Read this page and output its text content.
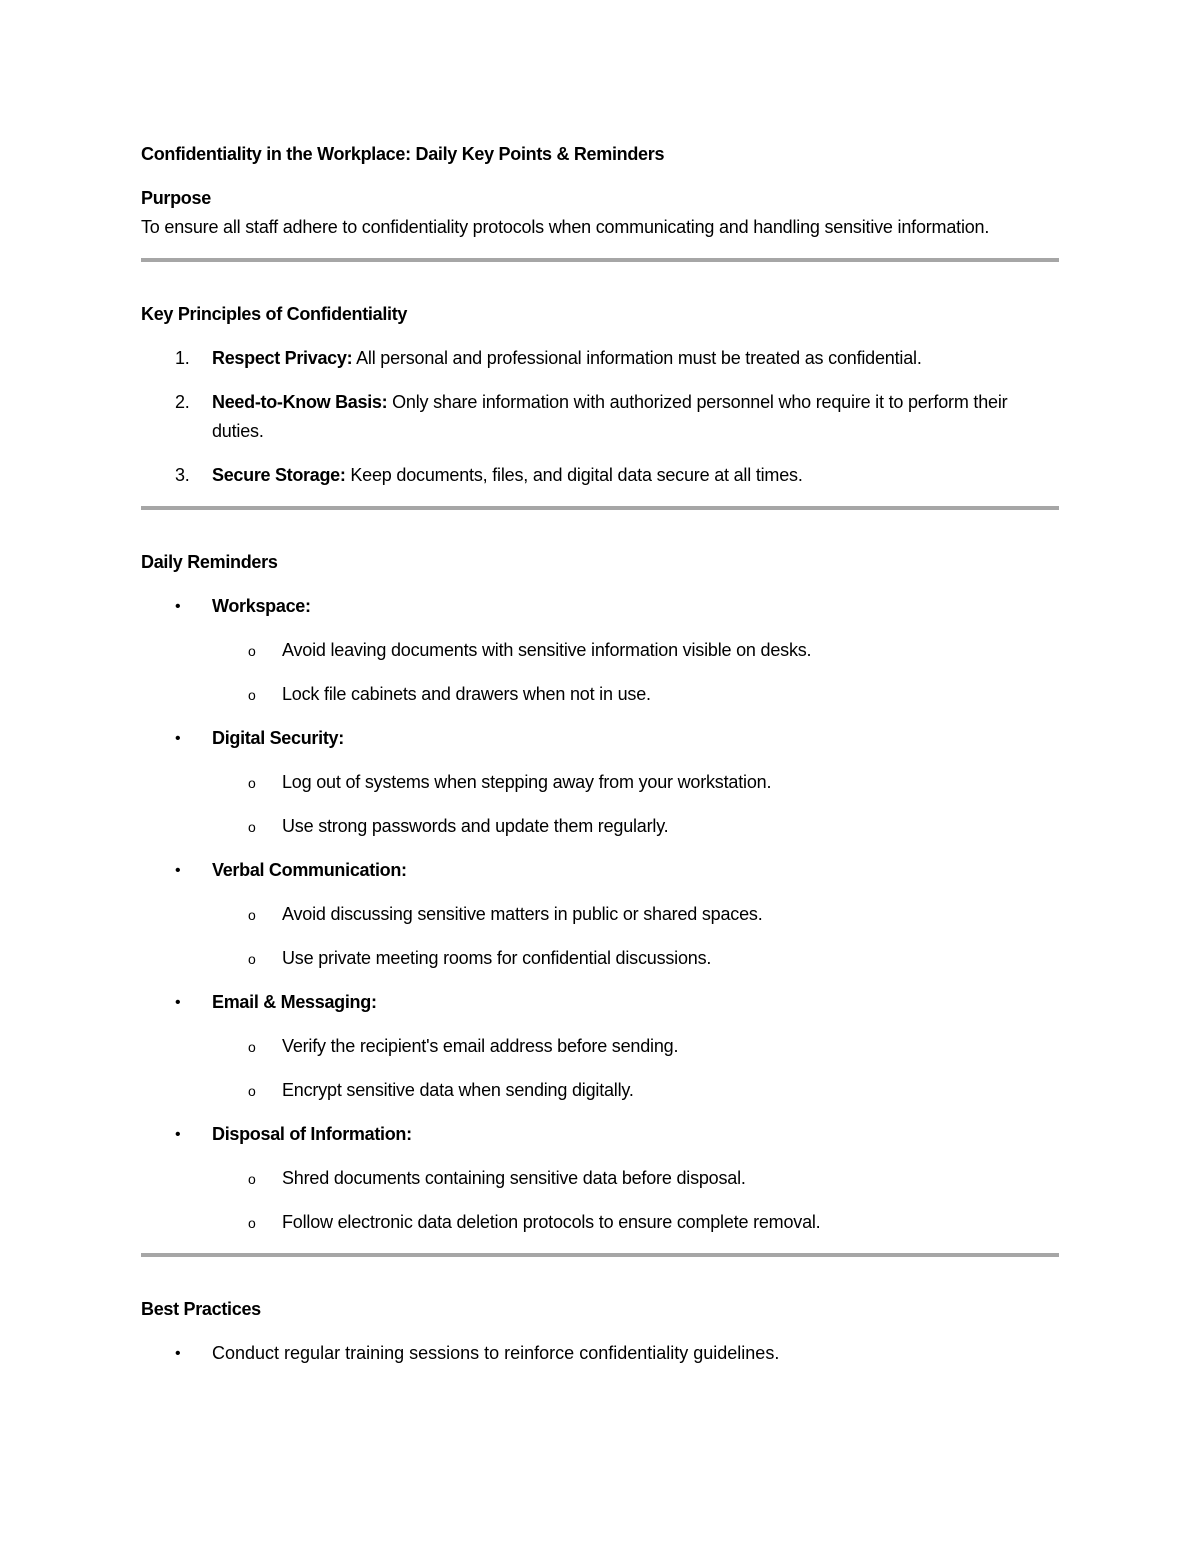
Confidentiality in the Workplace: Daily Key Points & Reminders
Purpose

To ensure all staff adhere to confidentiality protocols when communicating and handling sensitive information.

Key Principles of Confidentiality
1. Respect Privacy: All personal and professional information must be treated as confidential.
2. Need-to-Know Basis: Only share information with authorized personnel who require it to perform their duties.
3. Secure Storage: Keep documents, files, and digital data secure at all times.
Daily Reminders
• Workspace:
o Avoid leaving documents with sensitive information visible on desks.
o Lock file cabinets and drawers when not in use.
• Digital Security:
o Log out of systems when stepping away from your workstation.
o Use strong passwords and update them regularly.
• Verbal Communication:
o Avoid discussing sensitive matters in public or shared spaces.
o Use private meeting rooms for confidential discussions.
• Email & Messaging:
o Verify the recipient's email address before sending.
o Encrypt sensitive data when sending digitally.
• Disposal of Information:
o Shred documents containing sensitive data before disposal.
o Follow electronic data deletion protocols to ensure complete removal.
Best Practices
• Conduct regular training sessions to reinforce confidentiality guidelines.
